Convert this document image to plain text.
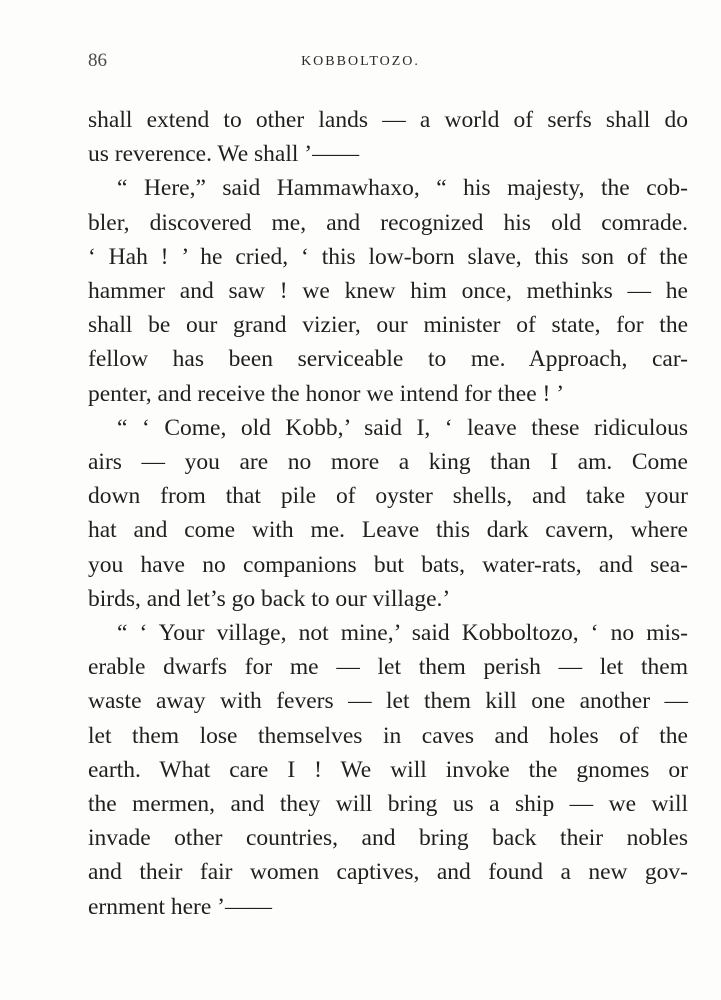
86	KOBBOLTOZO.
shall extend to other lands — a world of serfs shall do
us reverence. We shall ’——
“ Here,” said Hammawhaxo, “ his majesty, the cob-
bler, discovered me, and recognized his old comrade.
‘ Hah ! ’ he cried, ‘ this low-born slave, this son of the
hammer and saw ! we knew him once, methinks — he
shall be our grand vizier, our minister of state, for the
fellow has been serviceable to me. Approach, car-
penter, and receive the honor we intend for thee ! ’
“ ‘ Come, old Kobb,’ said I, ‘ leave these ridiculous
airs — you are no more a king than I am. Come
down from that pile of oyster shells, and take your
hat and come with me. Leave this dark cavern, where
you have no companions but bats, water-rats, and sea-
birds, and let’s go back to our village.’
“ ‘ Your village, not mine,’ said Kobboltozo, ‘ no mis-
erable dwarfs for me — let them perish — let them
waste away with fevers — let them kill one another —
let them lose themselves in caves and holes of the
earth. What care I ! We will invoke the gnomes or
the mermen, and they will bring us a ship — we will
invade other countries, and bring back their nobles
and their fair women captives, and found a new gov-
ernment here ’——
